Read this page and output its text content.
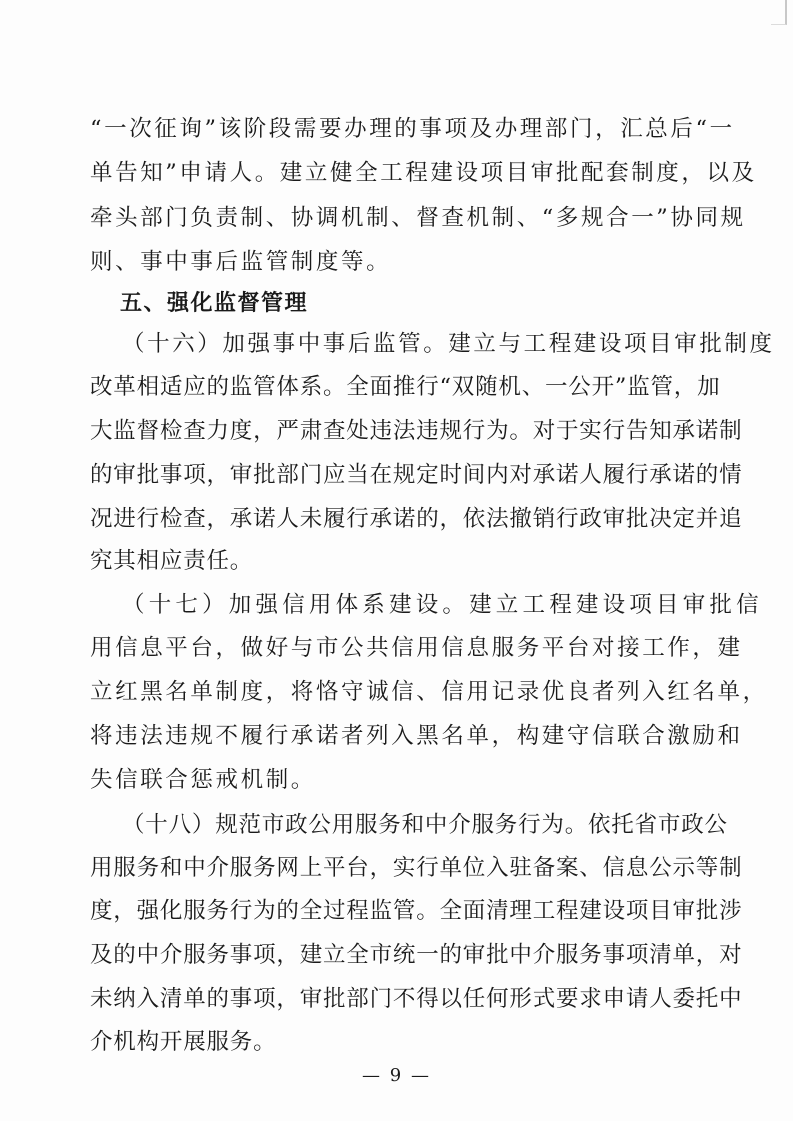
“一次征询”该阶段需要办理的事项及办理部门，汇总后“一
单告知”申请人。建立健全工程建设项目审批配套制度，以及
牵头部门负责制、协调机制、督查机制、“多规合一”协同规
则、事中事后监管制度等。
五、强化监督管理
（十六）加强事中事后监管。建立与工程建设项目审批制度
改革相适应的监管体系。全面推行“双随机、一公开”监管，加
大监督检查力度，严肃查处违法违规行为。对于实行告知承诺制
的审批事项，审批部门应当在规定时间内对承诺人履行承诺的情
况进行检查，承诺人未履行承诺的，依法撤销行政审批决定并追
究其相应责任。
（十七）加强信用体系建设。建立工程建设项目审批信
用信息平台，做好与市公共信用信息服务平台对接工作，建
立红黑名单制度，将恪守诚信、信用记录优良者列入红名单，
将违法违规不履行承诺者列入黑名单，构建守信联合激励和
失信联合惩戒机制。
（十八）规范市政公用服务和中介服务行为。依托省市政公
用服务和中介服务网上平台，实行单位入驻备案、信息公示等制
度，强化服务行为的全过程监管。全面清理工程建设项目审批涉
及的中介服务事项，建立全市统一的审批中介服务事项清单，对
未纳入清单的事项，审批部门不得以任何形式要求申请人委托中
介机构开展服务。
— 9 —
